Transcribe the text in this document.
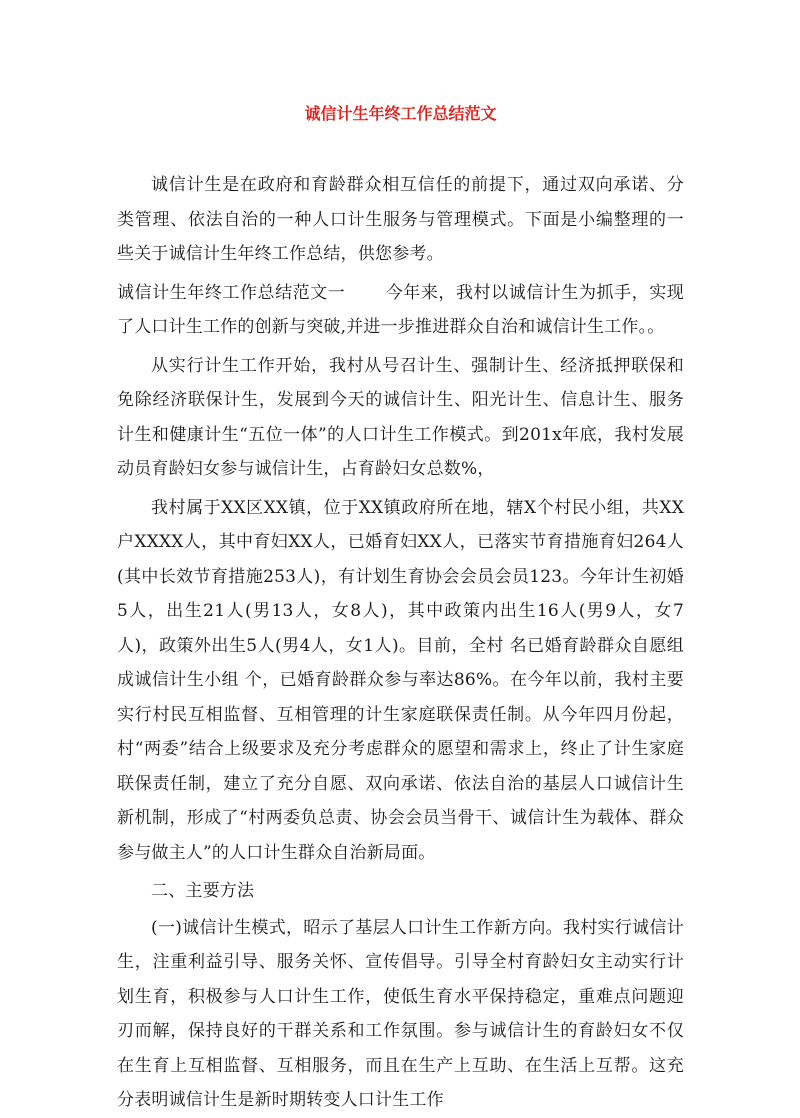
诚信计生年终工作总结范文

诚信计生是在政府和育龄群众相互信任的前提下，通过双向承诺、分类管理、依法自治的一种人口计生服务与管理模式。下面是小编整理的一些关于诚信计生年终工作总结，供您参考。

诚信计生年终工作总结范文一 今年来，我村以诚信计生为抓手，实现了人口计生工作的创新与突破,并进一步推进群众自治和诚信计生工作。。

从实行计生工作开始，我村从号召计生、强制计生、经济抵押联保和免除经济联保计生，发展到今天的诚信计生、阳光计生、信息计生、服务计生和健康计生“五位一体”的人口计生工作模式。到201x年底，我村发展动员育龄妇女参与诚信计生，占育龄妇女总数%，

我村属于XX区XX镇，位于XX镇政府所在地，辖X个村民小组，共XX户XXXX人，其中育妇XX人，已婚育妇XX人，已落实节育措施育妇264人(其中长效节育措施253人)，有计划生育协会会员会员123。今年计生初婚5人，出生21人(男13人，女8人)，其中政策内出生16人(男9人，女7人)，政策外出生5人(男4人，女1人)。目前，全村 名已婚育龄群众自愿组成诚信计生小组 个，已婚育龄群众参与率达86%。在今年以前，我村主要实行村民互相监督、互相管理的计生家庭联保责任制。从今年四月份起，村“两委”结合上级要求及充分考虑群众的愿望和需求上，终止了计生家庭联保责任制，建立了充分自愿、双向承诺、依法自治的基层人口诚信计生新机制，形成了“村两委负总责、协会会员当骨干、诚信计生为载体、群众参与做主人”的人口计生群众自治新局面。

二、主要方法

(一)诚信计生模式，昭示了基层人口计生工作新方向。我村实行诚信计生，注重利益引导、服务关怀、宣传倡导。引导全村育龄妇女主动实行计划生育，积极参与人口计生工作，使低生育水平保持稳定，重难点问题迎刃而解，保持良好的干群关系和工作氛围。参与诚信计生的育龄妇女不仅在生育上互相监督、互相服务，而且在生产上互助、在生活上互帮。这充分表明诚信计生是新时期转变人口计生工作
